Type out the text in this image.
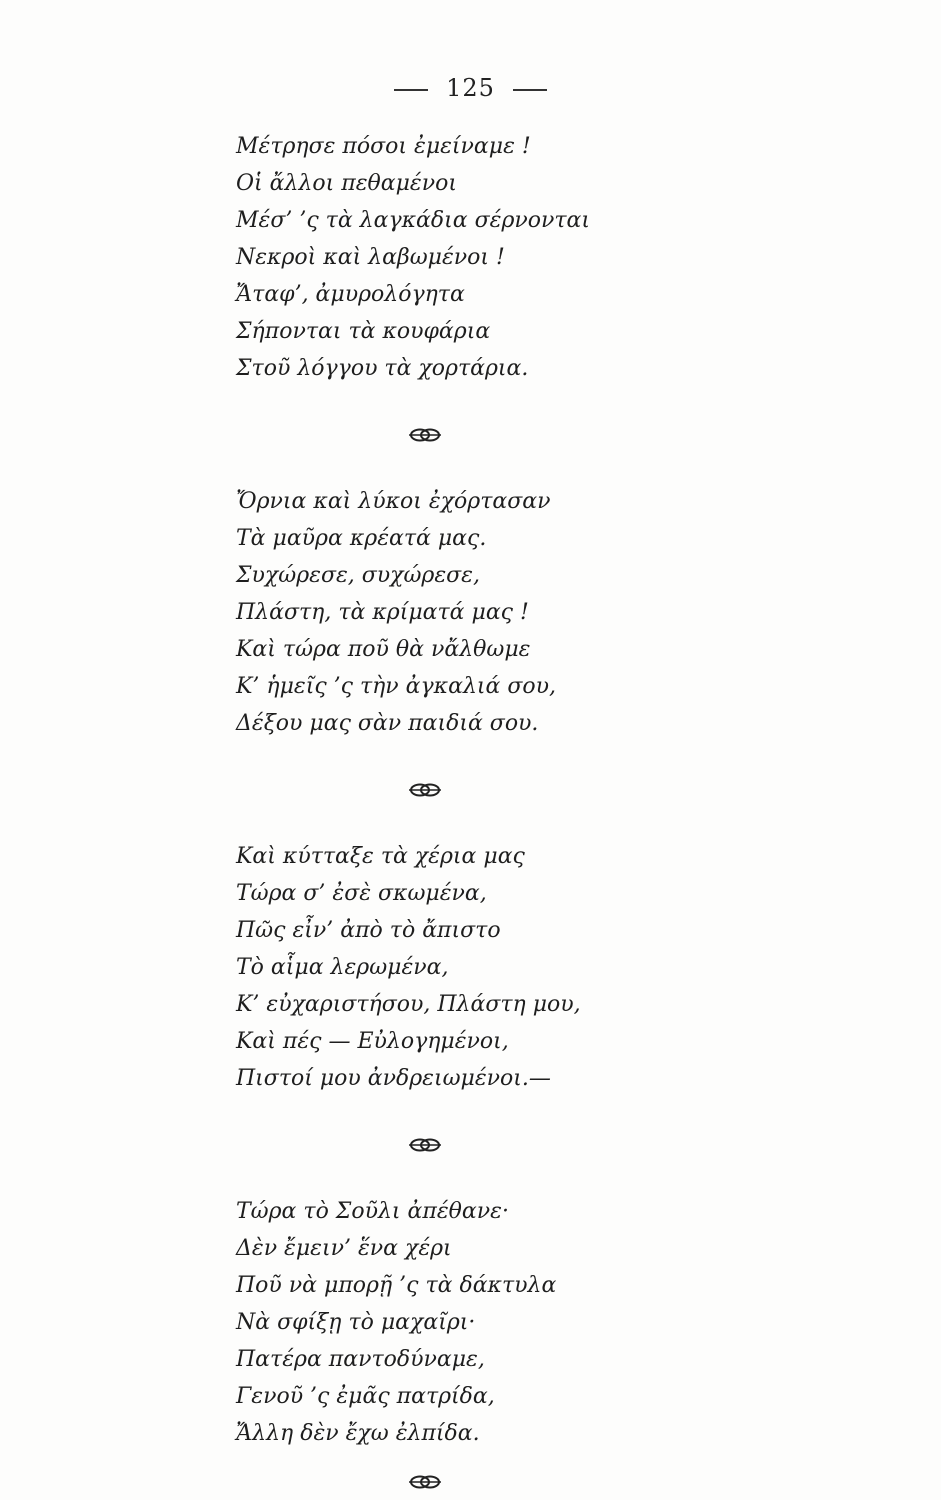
125
Μέτρησε πόσοι ἐμείναμε !
Οἱ ἄλλοι πεθαμένοι
Μέσ’ ’ς τὰ λαγκάδια σέρνονται
Νεκροὶ καὶ λαβωμένοι !
Ἄταφ’, ἀμυρολόγητα
Σήπονται τὰ κουφάρια
Στοῦ λόγγου τὰ χορτάρια.
Ὄρνια καὶ λύκοι ἐχόρτασαν
Τὰ μαῦρα κρέατά μας.
Συχώρεσε, συχώρεσε,
Πλάστη, τὰ κρίματά μας !
Καὶ τώρα ποῦ θὰ νἄλθωμε
Κ’ ἡμεῖς ’ς τὴν ἀγκαλιά σου,
Δέξου μας σὰν παιδιά σου.
Καὶ κύτταξε τὰ χέρια μας
Τώρα σ’ ἐσὲ σκωμένα,
Πῶς εἶν’ ἀπὸ τὸ ἄπιστο
Τὸ αἷμα λερωμένα,
Κ’ εὐχαριστήσου, Πλάστη μου,
Καὶ πές — Εὐλογημένοι,
Πιστοί μου ἀνδρειωμένοι.—
Τώρα τὸ Σοῦλι ἀπέθανε·
Δὲν ἔμειν’ ἕνα χέρι
Ποῦ νὰ μπορῇ ’ς τὰ δάκτυλα
Νὰ σφίξῃ τὸ μαχαῖρι·
Πατέρα παντοδύναμε,
Γενοῦ ’ς ἐμᾶς πατρίδα,
Ἄλλη δὲν ἔχω ἐλπίδα.
